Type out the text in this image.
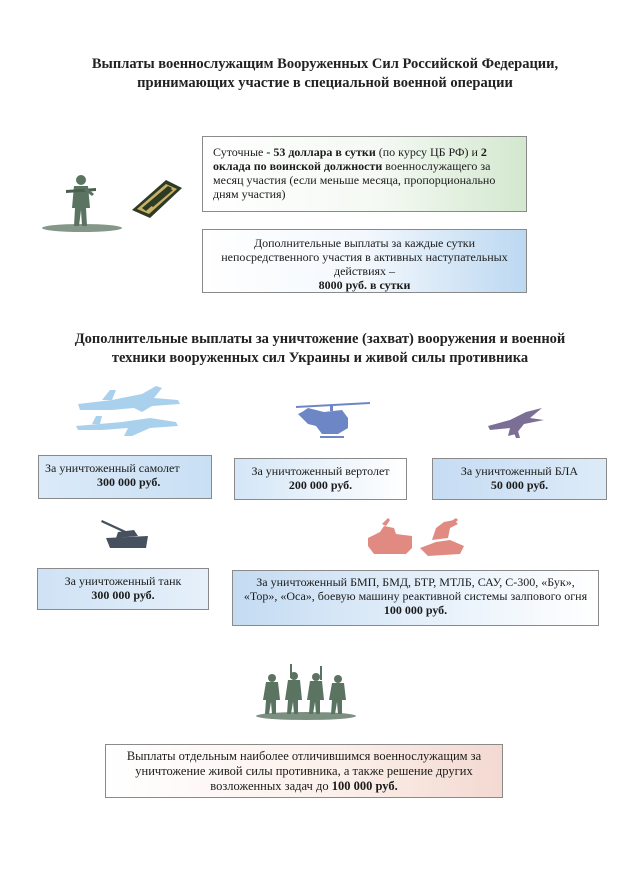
Выплаты военнослужащим Вооруженных Сил Российской Федерации,
принимающих участие в специальной военной операции
Суточные - 53 доллара в сутки (по курсу ЦБ РФ) и 2 оклада по воинской должности военнослужащего за месяц участия (если меньше месяца, пропорционально дням участия)
Дополнительные выплаты за каждые сутки непосредственного участия в активных наступательных действиях –
8000 руб. в сутки
Дополнительные выплаты за уничтожение (захват) вооружения и военной
техники вооруженных сил Украины и живой силы противника
За уничтоженный самолет
300 000 руб.
За уничтоженный вертолет
200 000 руб.
За уничтоженный БЛА
50 000 руб.
За уничтоженный танк
300 000 руб.
За уничтоженный БМП, БМД, БТР, МТЛБ, САУ, С-300, «Бук», «Тор», «Оса», боевую машину реактивной системы залпового огня
100 000 руб.
Выплаты отдельным наиболее отличившимся военнослужащим за уничтожение живой силы противника, а также решение других возложенных задач до 100 000 руб.
